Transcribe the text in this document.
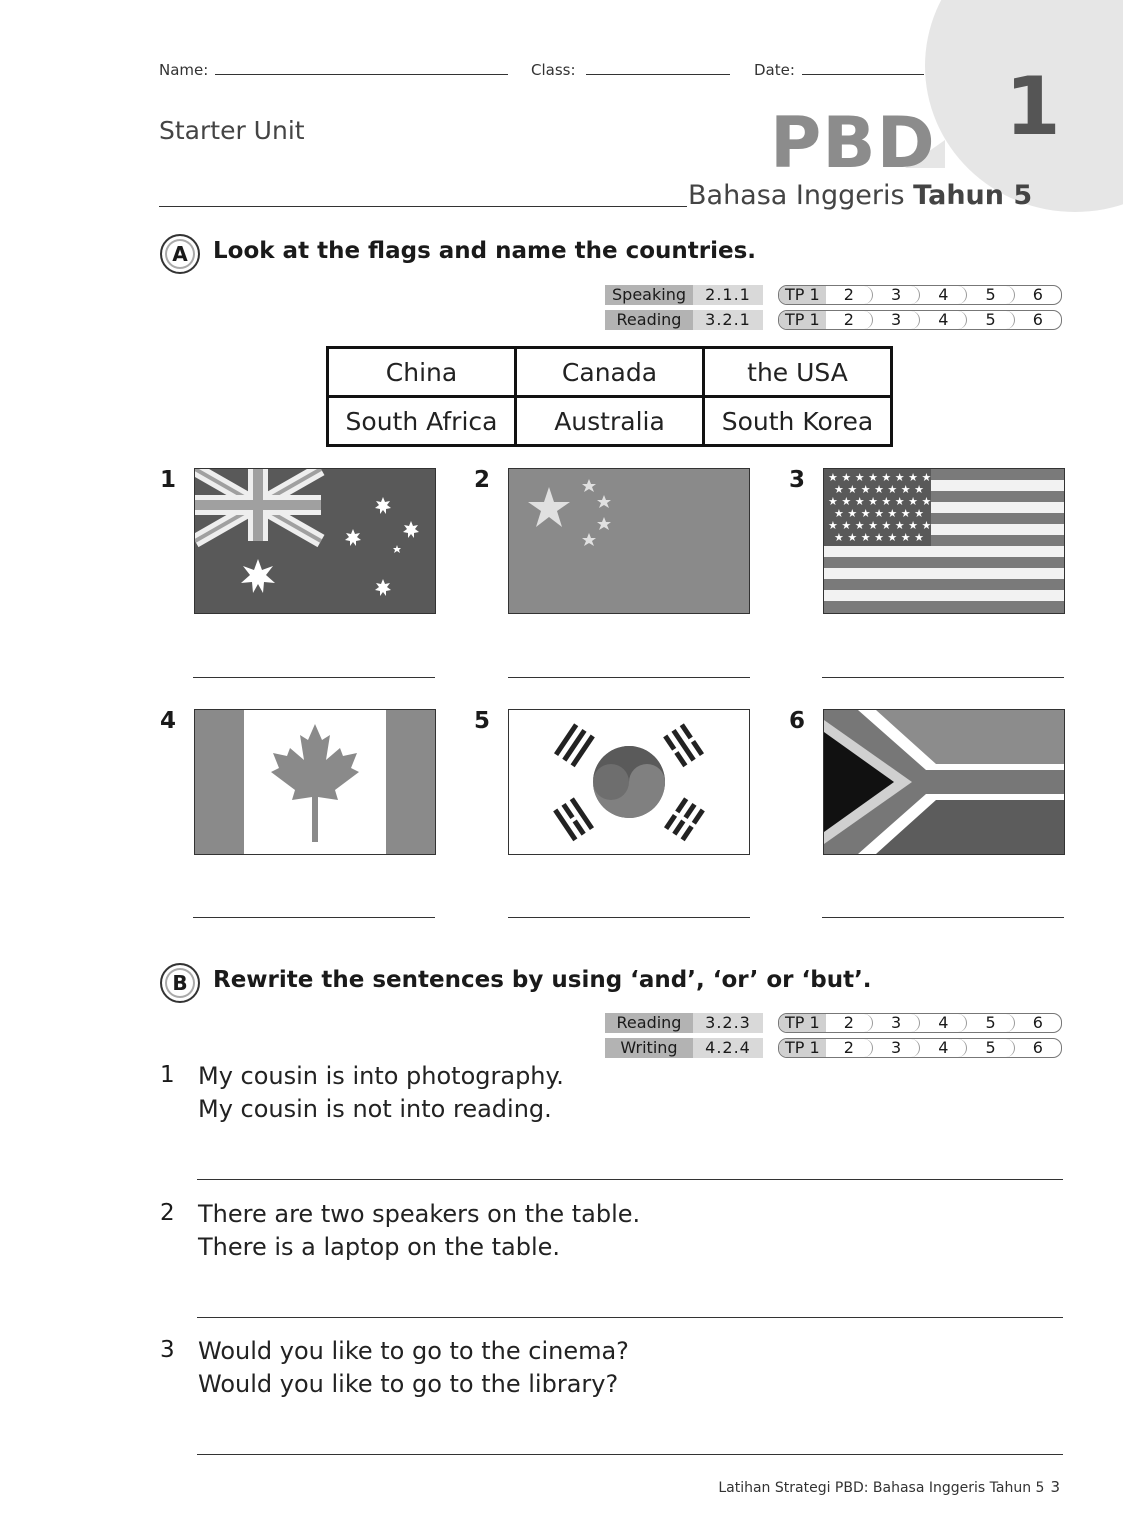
1
Name:	Class:	Date:
Starter Unit	PBD
Bahasa Inggeris Tahun 5
A	Look at the flags and name the countries.
Speaking	2.1.1
Reading	3.2.1
TP 1	2	3	4	5	6
TP 1	2	3	4	5	6
China	Canada	the USA
South Africa	Australia	South Korea
1	2	3
4	5	6
★ ★ ★ ★ ★ ★ ★ ★
★ ★ ★ ★ ★ ★ ★
★ ★ ★ ★ ★ ★ ★ ★
★ ★ ★ ★ ★ ★ ★
★ ★ ★ ★ ★ ★ ★ ★
★ ★ ★ ★ ★ ★ ★
B	Rewrite the sentences by using ‘and’, ‘or’ or ‘but’.
Reading	3.2.3
Writing	4.2.4
TP 1	2	3	4	5	6
TP 1	2	3	4	5	6
1 My cousin is into photography.
My cousin is not into reading.
2 There are two speakers on the table.
There is a laptop on the table.
3 Would you like to go to the cinema?
Would you like to go to the library?
Latihan Strategi PBD: Bahasa Inggeris Tahun 5 3
